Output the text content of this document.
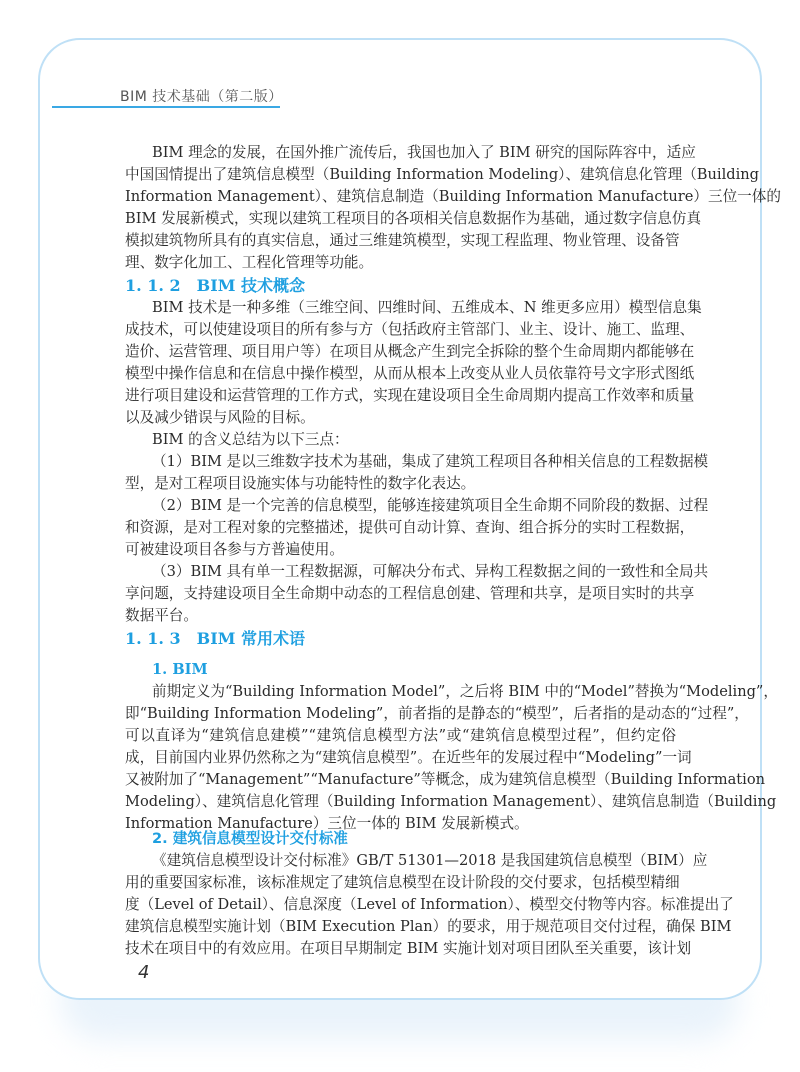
BIM 技术基础（第二版）
BIM 理念的发展，在国外推广流传后，我国也加入了 BIM 研究的国际阵容中，适应
中国国情提出了建筑信息模型（Building Information Modeling）、建筑信息化管理（Building
Information Management）、建筑信息制造（Building Information Manufacture）三位一体的
BIM 发展新模式，实现以建筑工程项目的各项相关信息数据作为基础，通过数字信息仿真
模拟建筑物所具有的真实信息，通过三维建筑模型，实现工程监理、物业管理、设备管
理、数字化加工、工程化管理等功能。
1. 1. 2　BIM 技术概念
BIM 技术是一种多维（三维空间、四维时间、五维成本、N 维更多应用）模型信息集
成技术，可以使建设项目的所有参与方（包括政府主管部门、业主、设计、施工、监理、
造价、运营管理、项目用户等）在项目从概念产生到完全拆除的整个生命周期内都能够在
模型中操作信息和在信息中操作模型，从而从根本上改变从业人员依靠符号文字形式图纸
进行项目建设和运营管理的工作方式，实现在建设项目全生命周期内提高工作效率和质量
以及减少错误与风险的目标。
BIM 的含义总结为以下三点：
（1）BIM 是以三维数字技术为基础，集成了建筑工程项目各种相关信息的工程数据模
型，是对工程项目设施实体与功能特性的数字化表达。
（2）BIM 是一个完善的信息模型，能够连接建筑项目全生命期不同阶段的数据、过程
和资源，是对工程对象的完整描述，提供可自动计算、查询、组合拆分的实时工程数据，
可被建设项目各参与方普遍使用。
（3）BIM 具有单一工程数据源，可解决分布式、异构工程数据之间的一致性和全局共
享问题，支持建设项目全生命期中动态的工程信息创建、管理和共享，是项目实时的共享
数据平台。
1. 1. 3　BIM 常用术语
1. BIM
前期定义为“Building Information Model”，之后将 BIM 中的“Model”替换为“Modeling”，
即“Building Information Modeling”，前者指的是静态的“模型”，后者指的是动态的“过程”，
可以直译为“建筑信息建模”“建筑信息模型方法”或“建筑信息模型过程”，但约定俗
成，目前国内业界仍然称之为“建筑信息模型”。在近些年的发展过程中“Modeling”一词
又被附加了“Management”“Manufacture”等概念，成为建筑信息模型（Building Information
Modeling）、建筑信息化管理（Building Information Management）、建筑信息制造（Building
Information Manufacture）三位一体的 BIM 发展新模式。
2. 建筑信息模型设计交付标准
《建筑信息模型设计交付标准》GB/T 51301—2018 是我国建筑信息模型（BIM）应
用的重要国家标准，该标准规定了建筑信息模型在设计阶段的交付要求，包括模型精细
度（Level of Detail）、信息深度（Level of Information）、模型交付物等内容。标准提出了
建筑信息模型实施计划（BIM Execution Plan）的要求，用于规范项目交付过程，确保 BIM
技术在项目中的有效应用。在项目早期制定 BIM 实施计划对项目团队至关重要，该计划
4
